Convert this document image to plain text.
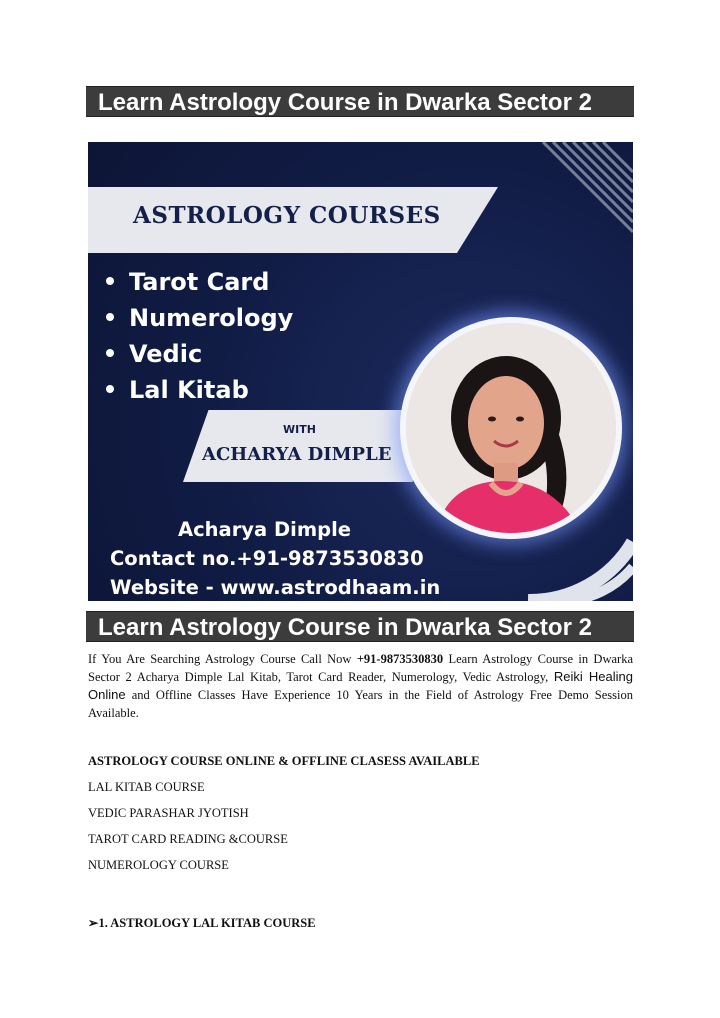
Learn Astrology Course in Dwarka Sector 2
ASTROLOGY COURSES
Tarot Card
Numerology
Vedic
Lal Kitab
WITH
ACHARYA DIMPLE
Acharya Dimple
Contact no.+91-9873530830
Website - www.astrodhaam.in
Learn Astrology Course in Dwarka Sector 2
If You Are Searching Astrology Course Call Now +91-9873530830 Learn Astrology Course in Dwarka Sector 2 Acharya Dimple Lal Kitab, Tarot Card Reader, Numerology, Vedic Astrology, Reiki Healing Online and Offline Classes Have Experience 10 Years in the Field of Astrology Free Demo Session Available.
ASTROLOGY COURSE ONLINE & OFFLINE CLASESS AVAILABLE
LAL KITAB COURSE
VEDIC PARASHAR JYOTISH
TAROT CARD READING &COURSE
NUMEROLOGY COURSE
➢1. ASTROLOGY LAL KITAB COURSE
